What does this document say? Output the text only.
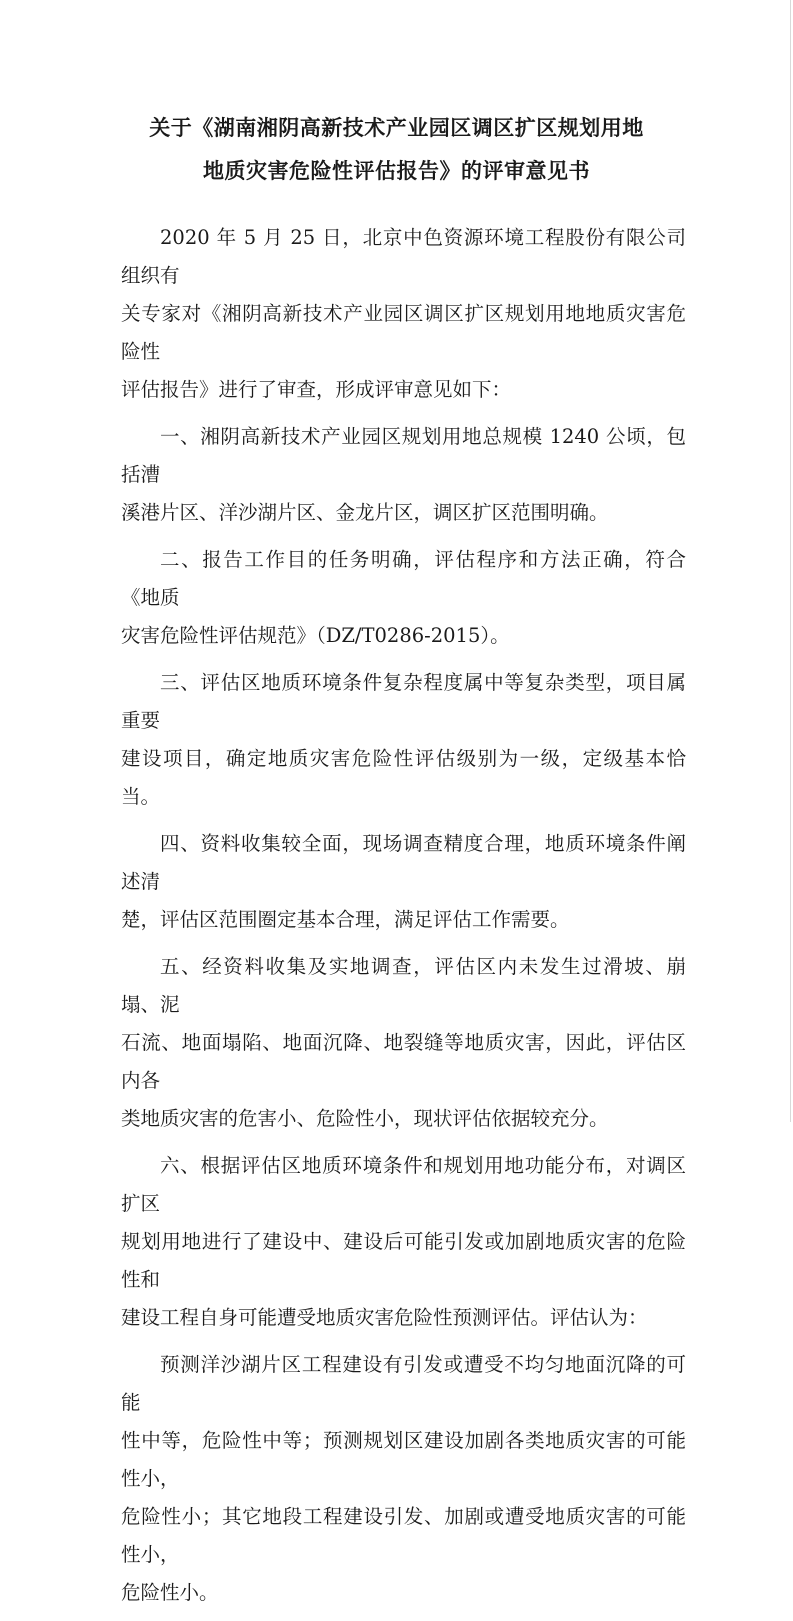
关于《湖南湘阴高新技术产业园区调区扩区规划用地
地质灾害危险性评估报告》的评审意见书
2020 年 5 月 25 日，北京中色资源环境工程股份有限公司组织有
关专家对《湘阴高新技术产业园区调区扩区规划用地地质灾害危险性
评估报告》进行了审查，形成评审意见如下：
一、湘阴高新技术产业园区规划用地总规模 1240 公顷，包括漕
溪港片区、洋沙湖片区、金龙片区，调区扩区范围明确。
二、报告工作目的任务明确，评估程序和方法正确，符合《地质
灾害危险性评估规范》（DZ/T0286-2015）。
三、评估区地质环境条件复杂程度属中等复杂类型，项目属重要
建设项目，确定地质灾害危险性评估级别为一级，定级基本恰当。
四、资料收集较全面，现场调查精度合理，地质环境条件阐述清
楚，评估区范围圈定基本合理，满足评估工作需要。
五、经资料收集及实地调查，评估区内未发生过滑坡、崩塌、泥
石流、地面塌陷、地面沉降、地裂缝等地质灾害，因此，评估区内各
类地质灾害的危害小、危险性小，现状评估依据较充分。
六、根据评估区地质环境条件和规划用地功能分布，对调区扩区
规划用地进行了建设中、建设后可能引发或加剧地质灾害的危险性和
建设工程自身可能遭受地质灾害危险性预测评估。评估认为：
预测洋沙湖片区工程建设有引发或遭受不均匀地面沉降的可能
性中等，危险性中等；预测规划区建设加剧各类地质灾害的可能性小，
危险性小；其它地段工程建设引发、加剧或遭受地质灾害的可能性小，
危险性小。
